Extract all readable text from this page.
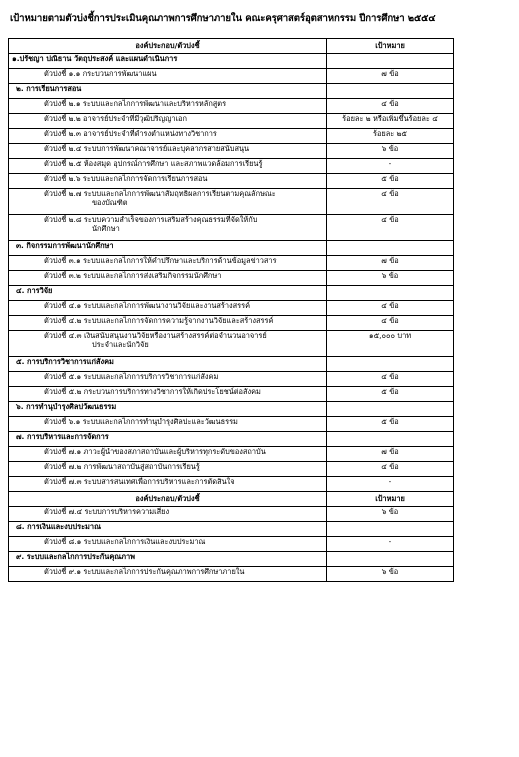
เป้าหมายตามตัวบ่งชี้การประเมินคุณภาพการศึกษาภายใน คณะครุศาสตร์อุตสาหกรรม ปีการศึกษา ๒๕๕๔
องค์ประกอบ/ตัวบ่งชี้	เป้าหมาย
๑.ปรัชญา ปณิธาน วัตถุประสงค์ และแผนดำเนินการ	

ตัวบ่งชี้ ๑.๑ กระบวนการพัฒนาแผน	๗ ข้อ

๒. การเรียนการสอน	

ตัวบ่งชี้ ๒.๑ ระบบและกลไกการพัฒนาและบริหารหลักสูตร	๔ ข้อ

ตัวบ่งชี้ ๒.๒ อาจารย์ประจำที่มีวุฒิปริญญาเอก	ร้อยละ ๒ หรือเพิ่มขึ้นร้อยละ ๔

ตัวบ่งชี้ ๒.๓ อาจารย์ประจำที่ดำรงตำแหน่งทางวิชาการ	ร้อยละ ๒๕

ตัวบ่งชี้ ๒.๔ ระบบการพัฒนาคณาจารย์และบุคลากรสายสนับสนุน	๖ ข้อ

ตัวบ่งชี้ ๒.๕ ห้องสมุด อุปกรณ์การศึกษา และสภาพแวดล้อมการเรียนรู้	-

ตัวบ่งชี้ ๒.๖ ระบบและกลไกการจัดการเรียนการสอน	๕ ข้อ

ตัวบ่งชี้ ๒.๗ ระบบและกลไกการพัฒนาสัมฤทธิผลการเรียนตามคุณลักษณะ
ของบัณฑิต	๔ ข้อ

ตัวบ่งชี้ ๒.๘ ระบบความสำเร็จของการเสริมสร้างคุณธรรมที่จัดให้กับ
นักศึกษา	๔ ข้อ

๓. กิจกรรมการพัฒนานักศึกษา	

ตัวบ่งชี้ ๓.๑ ระบบและกลไกการให้คำปรึกษาและบริการด้านข้อมูลข่าวสาร	๗ ข้อ

ตัวบ่งชี้ ๓.๒ ระบบและกลไกการส่งเสริมกิจกรรมนักศึกษา	๖ ข้อ

๔. การวิจัย	

ตัวบ่งชี้ ๔.๑ ระบบและกลไกการพัฒนางานวิจัยและงานสร้างสรรค์	๔ ข้อ

ตัวบ่งชี้ ๔.๒ ระบบและกลไกการจัดการความรู้จากงานวิจัยและสร้างสรรค์	๔ ข้อ

ตัวบ่งชี้ ๔.๓ เงินสนับสนุนงานวิจัยหรืองานสร้างสรรค์ต่อจำนวนอาจารย์
ประจำและนักวิจัย	๑๕,๐๐๐ บาท

๕. การบริการวิชาการแก่สังคม	

ตัวบ่งชี้ ๕.๑ ระบบและกลไกการบริการวิชาการแก่สังคม	๔ ข้อ

ตัวบ่งชี้ ๕.๒ กระบวนการบริการทางวิชาการให้เกิดประโยชน์ต่อสังคม	๕ ข้อ

๖. การทำนุบำรุงศิลปวัฒนธรรม	

ตัวบ่งชี้ ๖.๑ ระบบและกลไกการทำนุบำรุงศิลปะและวัฒนธรรม	๕ ข้อ

๗. การบริหารและการจัดการ	

ตัวบ่งชี้ ๗.๑ ภาวะผู้นำของสภาสถาบันและผู้บริหารทุกระดับของสถาบัน	๗ ข้อ

ตัวบ่งชี้ ๗.๒ การพัฒนาสถาบันสู่สถาบันการเรียนรู้	๔ ข้อ

ตัวบ่งชี้ ๗.๓ ระบบสารสนเทศเพื่อการบริหารและการตัดสินใจ	-
องค์ประกอบ/ตัวบ่งชี้	เป้าหมาย

ตัวบ่งชี้ ๗.๔ ระบบการบริหารความเสี่ยง	๖ ข้อ

๘. การเงินและงบประมาณ	

ตัวบ่งชี้ ๘.๑ ระบบและกลไกการเงินและงบประมาณ	-

๙. ระบบและกลไกการประกันคุณภาพ	

ตัวบ่งชี้ ๙.๑ ระบบและกลไกการประกันคุณภาพการศึกษาภายใน	๖ ข้อ
